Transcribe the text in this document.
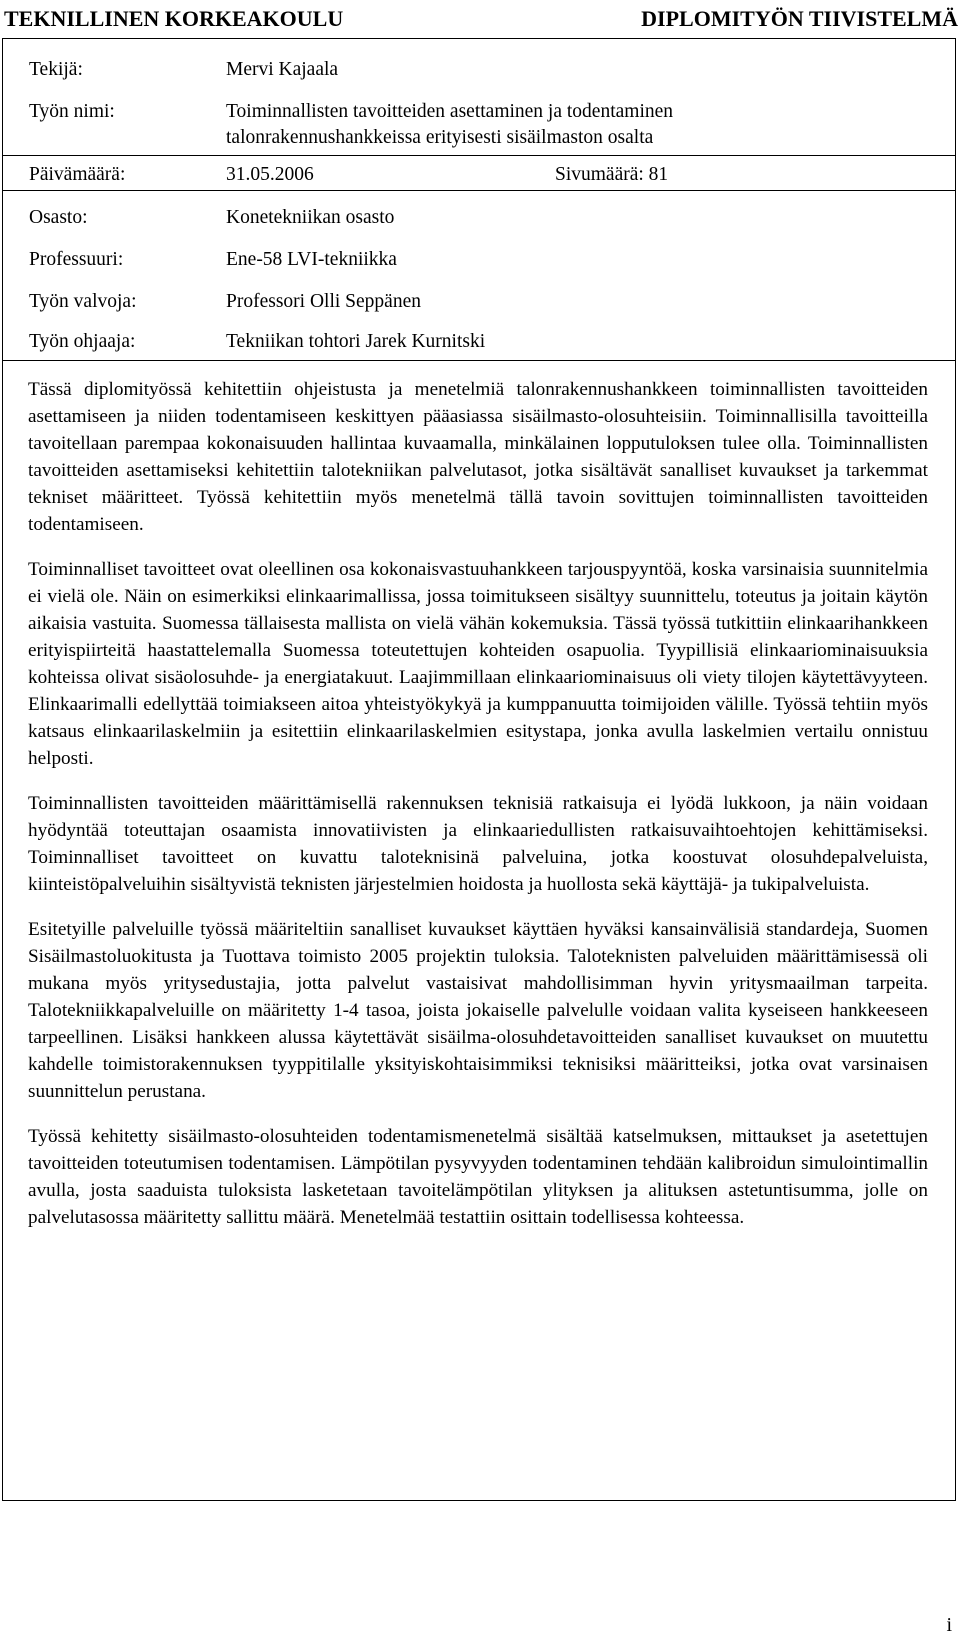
TEKNILLINEN KORKEAKOULU	DIPLOMITYÖN TIIVISTELMÄ
Tekijä:	Mervi Kajaala
Työn nimi:	Toiminnallisten tavoitteiden asettaminen ja todentaminen
talonrakennushankkeissa erityisesti sisäilmaston osalta
Päivämäärä:	31.05.2006	Sivumäärä: 81
Osasto:	Konetekniikan osasto
Professuuri:	Ene-58 LVI-tekniikka
Työn valvoja:	Professori Olli Seppänen
Työn ohjaaja:	Tekniikan tohtori Jarek Kurnitski

Tässä diplomityössä kehitettiin ohjeistusta ja menetelmiä talonrakennushankkeen toiminnallisten tavoitteiden asettamiseen ja niiden todentamiseen keskittyen pääasiassa sisäilmasto-olosuhteisiin. Toiminnallisilla tavoitteilla tavoitellaan parempaa kokonaisuuden hallintaa kuvaamalla, minkälainen lopputuloksen tulee olla. Toiminnallisten tavoitteiden asettamiseksi kehitettiin talotekniikan palvelutasot, jotka sisältävät sanalliset kuvaukset ja tarkemmat tekniset määritteet. Työssä kehitettiin myös menetelmä tällä tavoin sovittujen toiminnallisten tavoitteiden todentamiseen.

Toiminnalliset tavoitteet ovat oleellinen osa kokonaisvastuuhankkeen tarjouspyyntöä, koska varsinaisia suunnitelmia ei vielä ole. Näin on esimerkiksi elinkaarimallissa, jossa toimitukseen sisältyy suunnittelu, toteutus ja joitain käytön aikaisia vastuita. Suomessa tällaisesta mallista on vielä vähän kokemuksia. Tässä työssä tutkittiin elinkaarihankkeen erityispiirteitä haastattelemalla Suomessa toteutettujen kohteiden osapuolia. Tyypillisiä elinkaariominaisuuksia kohteissa olivat sisäolosuhde- ja energiatakuut. Laajimmillaan elinkaariominaisuus oli viety tilojen käytettävyyteen. Elinkaarimalli edellyttää toimiakseen aitoa yhteistyökykyä ja kumppanuutta toimijoiden välille. Työssä tehtiin myös katsaus elinkaarilaskelmiin ja esitettiin elinkaarilaskelmien esitystapa, jonka avulla laskelmien vertailu onnistuu helposti.

Toiminnallisten tavoitteiden määrittämisellä rakennuksen teknisiä ratkaisuja ei lyödä lukkoon, ja näin voidaan hyödyntää toteuttajan osaamista innovatiivisten ja elinkaariedullisten ratkaisuvaihtoehtojen kehittämiseksi. Toiminnalliset tavoitteet on kuvattu taloteknisinä palveluina, jotka koostuvat olosuhdepalveluista, kiinteistöpalveluihin sisältyvistä teknisten järjestelmien hoidosta ja huollosta sekä käyttäjä- ja tukipalveluista.

Esitetyille palveluille työssä määriteltiin sanalliset kuvaukset käyttäen hyväksi kansainvälisiä standardeja, Suomen Sisäilmastoluokitusta ja Tuottava toimisto 2005 projektin tuloksia. Taloteknisten palveluiden määrittämisessä oli mukana myös yritysedustajia, jotta palvelut vastaisivat mahdollisimman hyvin yritysmaailman tarpeita. Talotekniikkapalveluille on määritetty 1-4 tasoa, joista jokaiselle palvelulle voidaan valita kyseiseen hankkeeseen tarpeellinen. Lisäksi hankkeen alussa käytettävät sisäilma-olosuhdetavoitteiden sanalliset kuvaukset on muutettu kahdelle toimistorakennuksen tyyppitilalle yksityiskohtaisimmiksi teknisiksi määritteiksi, jotka ovat varsinaisen suunnittelun perustana.

Työssä kehitetty sisäilmasto-olosuhteiden todentamismenetelmä sisältää katselmuksen, mittaukset ja asetettujen tavoitteiden toteutumisen todentamisen. Lämpötilan pysyvyyden todentaminen tehdään kalibroidun simulointimallin avulla, josta saaduista tuloksista lasketetaan tavoitelämpötilan ylityksen ja alituksen astetuntisumma, jolle on palvelutasossa määritetty sallittu määrä. Menetelmää testattiin osittain todellisessa kohteessa.

i
